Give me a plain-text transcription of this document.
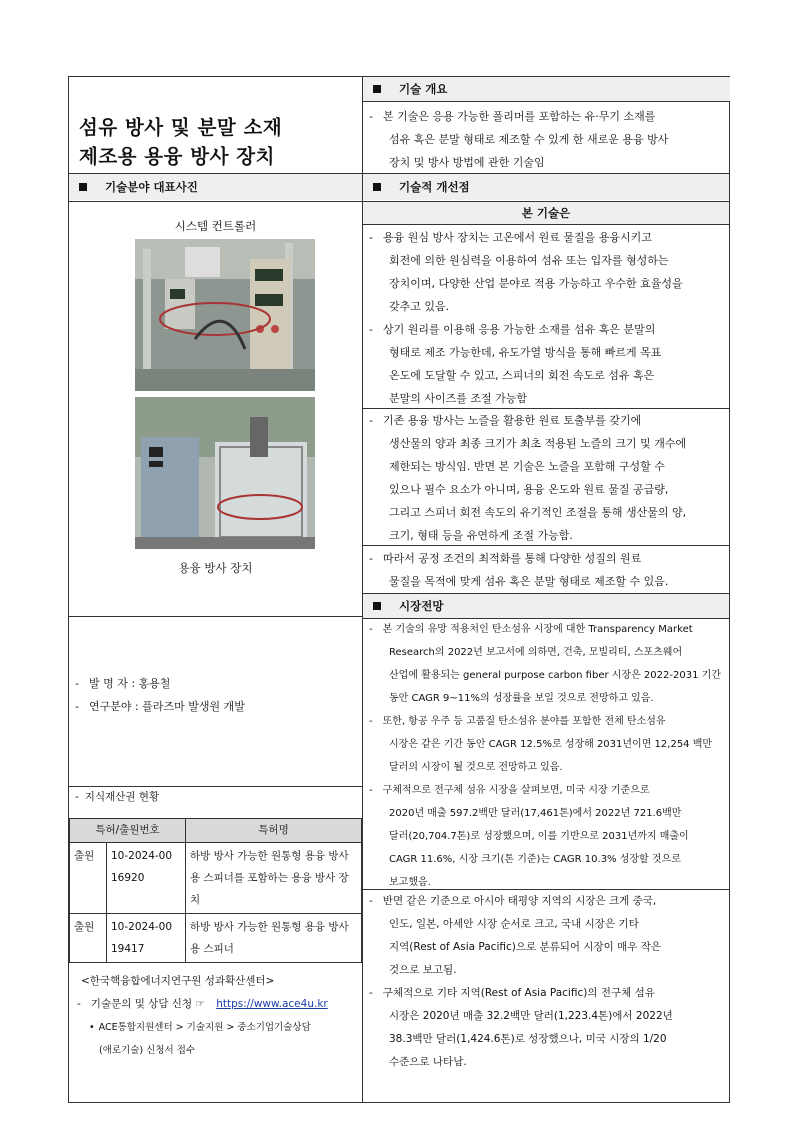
기술 개요
섬유 방사 및 분말 소재
제조용 용융 방사 장치

- 본 기술은 응용 가능한 폴리머를 포함하는 유·무기 소재를

섬유 혹은 분말 형태로 제조할 수 있게 한 새로운 용융 방사

장치 및 방사 방법에 관한 기술임

기술분야 대표사진	기술적 개선점
본 기술은

- 용융 원심 방사 장치는 고온에서 원료 물질을 용융시키고

회전에 의한 원심력을 이용하여 섬유 또는 입자를 형성하는

장치이며, 다양한 산업 분야로 적용 가능하고 우수한 효율성을

갖추고 있음.

- 상기 원리를 이용해 응용 가능한 소재를 섬유 혹은 분말의

형태로 제조 가능한데, 유도가열 방식을 통해 빠르게 목표

온도에 도달할 수 있고, 스피너의 회전 속도로 섬유 혹은

분말의 사이즈를 조절 가능함

- 기존 용융 방사는 노즐을 활용한 원료 토출부를 갖기에

생산물의 양과 최종 크기가 최초 적용된 노즐의 크기 및 개수에

제한되는 방식임. 반면 본 기술은 노즐을 포함해 구성할 수

있으나 필수 요소가 아니며, 용융 온도와 원료 물질 공급량,

그리고 스피너 회전 속도의 유기적인 조절을 통해 생산물의 양,

크기, 형태 등을 유연하게 조절 가능함.

- 따라서 공정 조건의 최적화를 통해 다양한 성질의 원료

물질을 목적에 맞게 섬유 혹은 분말 형태로 제조할 수 있음.

시장전망

- 본 기술의 유망 적용처인 탄소섬유 시장에 대한 Transparency Market

Research의 2022년 보고서에 의하면, 건축, 모빌리티, 스포츠웨어

산업에 활용되는 general purpose carbon fiber 시장은 2022-2031 기간

동안 CAGR 9~11%의 성장률을 보일 것으로 전망하고 있음.

- 또한, 항공 우주 등 고품질 탄소섬유 분야를 포함한 전체 탄소섬유

시장은 같은 기간 동안 CAGR 12.5%로 성장해 2031년이면 12,254 백만

달러의 시장이 될 것으로 전망하고 있음.

- 구체적으로 전구체 섬유 시장을 살펴보면, 미국 시장 기준으로

2020년 매출 597.2백만 달러(17,461톤)에서 2022년 721.6백만

달러(20,704.7톤)로 성장했으며, 이를 기반으로 2031년까지 매출이

CAGR 11.6%, 시장 크기(톤 기준)는 CAGR 10.3% 성장할 것으로

보고했음.

- 반면 같은 기준으로 아시아 태평양 지역의 시장은 크게 중국,

인도, 일본, 아세안 시장 순서로 크고, 국내 시장은 기타

지역(Rest of Asia Pacific)으로 분류되어 시장이 매우 작은

것으로 보고됨.

- 구체적으로 기타 지역(Rest of Asia Pacific)의 전구체 섬유

시장은 2020년 매출 32.2백만 달러(1,223.4톤)에서 2022년

38.3백만 달러(1,424.6톤)로 성장했으나, 미국 시장의 1/20

수준으로 나타남.

시스템 컨트롤러
용융 방사 장치

- 발 명 자 : 홍용철

- 연구분야 : 플라즈마 발생원 개발

- 지식재산권 현황

특허/출원번호		특허명
출원	10-2024-00 16920	하방 방사 가능한 원통형 용융 방사용 스피너를 포함하는 용융 방사 장치
출원	10-2024-00 19417	하방 방사 가능한 원통형 용융 방사용 스피너

<한국핵융합에너지연구원 성과확산센터>

- 기술문의 및 상담 신청 ☞ https://www.ace4u.kr

• ACE통합지원센터 > 기술지원 > 중소기업기술상담

(애로기술) 신청서 접수
